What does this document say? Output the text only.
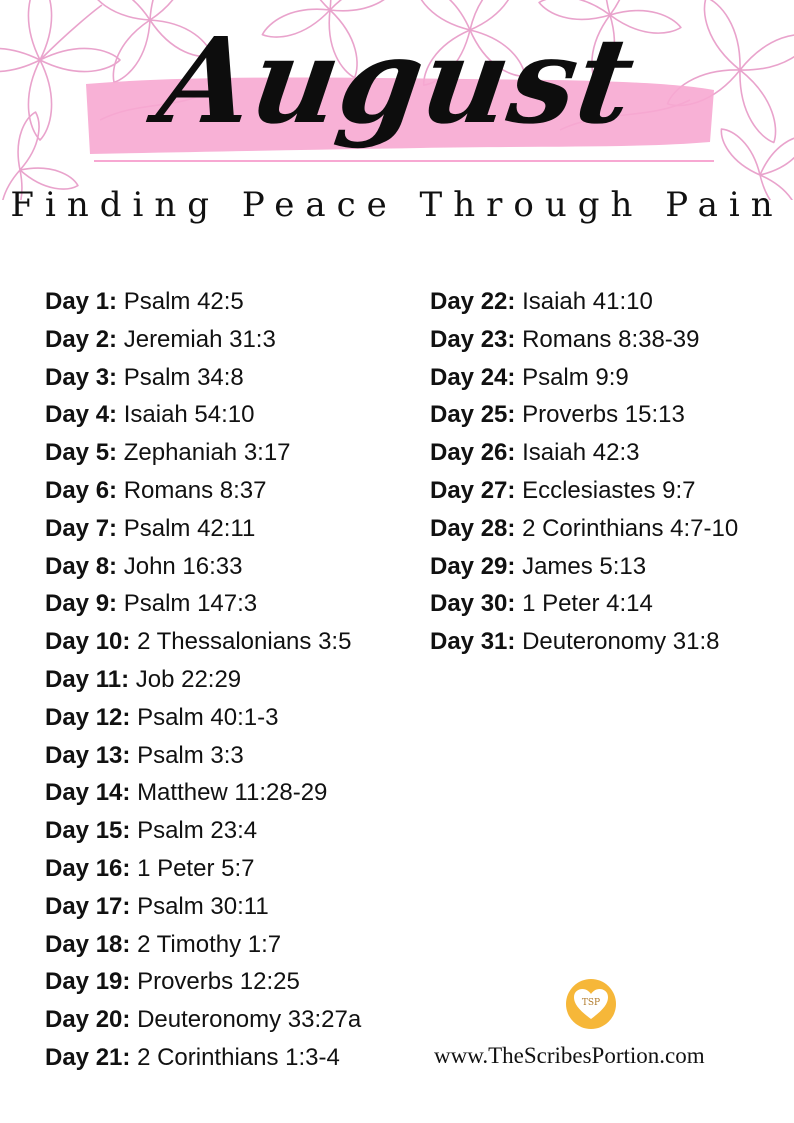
August
Finding Peace Through Pain
Day 1: Psalm 42:5
Day 2: Jeremiah 31:3
Day 3: Psalm 34:8
Day 4: Isaiah 54:10
Day 5: Zephaniah 3:17
Day 6: Romans 8:37
Day 7: Psalm 42:11
Day 8: John 16:33
Day 9: Psalm 147:3
Day 10: 2 Thessalonians 3:5
Day 11: Job 22:29
Day 12: Psalm 40:1-3
Day 13: Psalm 3:3
Day 14: Matthew 11:28-29
Day 15: Psalm 23:4
Day 16: 1 Peter 5:7
Day 17: Psalm 30:11
Day 18: 2 Timothy 1:7
Day 19: Proverbs 12:25
Day 20: Deuteronomy 33:27a
Day 21: 2 Corinthians 1:3-4
Day 22: Isaiah 41:10
Day 23: Romans 8:38-39
Day 24: Psalm 9:9
Day 25: Proverbs 15:13
Day 26: Isaiah 42:3
Day 27: Ecclesiastes 9:7
Day 28: 2 Corinthians 4:7-10
Day 29: James 5:13
Day 30: 1 Peter 4:14
Day 31: Deuteronomy 31:8
TSP
www.TheScribesPortion.com
